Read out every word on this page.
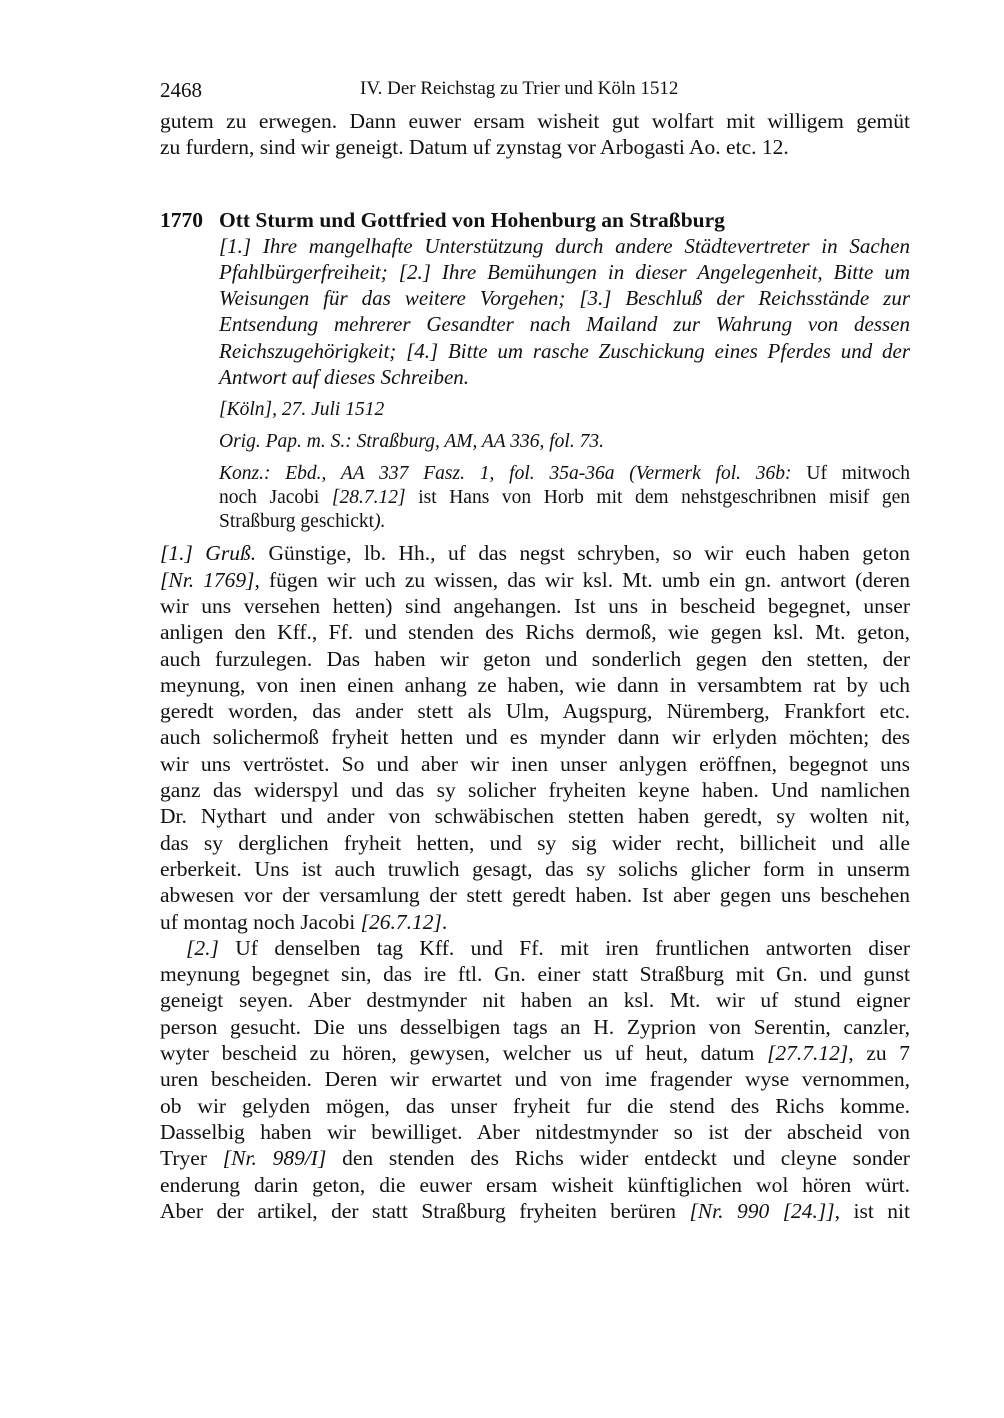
2468	IV. Der Reichstag zu Trier und Köln 1512
gutem zu erwegen. Dann euwer ersam wisheit gut wolfart mit willigem gemüt
zu furdern, sind wir geneigt. Datum uf zynstag vor Arbogasti Ao. etc. 12.
1770 Ott Sturm und Gottfried von Hohenburg an Straßburg
[1.] Ihre mangelhafte Unterstützung durch andere Städtevertreter in Sachen
Pfahlbürgerfreiheit; [2.] Ihre Bemühungen in dieser Angelegenheit, Bitte um
Weisungen für das weitere Vorgehen; [3.] Beschluß der Reichsstände zur
Entsendung mehrerer Gesandter nach Mailand zur Wahrung von dessen
Reichszugehörigkeit; [4.] Bitte um rasche Zuschickung eines Pferdes und der
Antwort auf dieses Schreiben.
[Köln], 27. Juli 1512
Orig. Pap. m. S.: Straßburg, AM, AA 336, fol. 73.
Konz.: Ebd., AA 337 Fasz. 1, fol. 35a-36a (Vermerk fol. 36b: Uf mitwoch
noch Jacobi [28.7.12] ist Hans von Horb mit dem nehstgeschribnen misif gen
Straßburg geschickt).
[1.] Gruß. Günstige, lb. Hh., uf das negst schryben, so wir euch haben geton
[Nr. 1769], fügen wir uch zu wissen, das wir ksl. Mt. umb ein gn. antwort (deren
wir uns versehen hetten) sind angehangen. Ist uns in bescheid begegnet, unser
anligen den Kff., Ff. und stenden des Richs dermoß, wie gegen ksl. Mt. geton,
auch furzulegen. Das haben wir geton und sonderlich gegen den stetten, der
meynung, von inen einen anhang ze haben, wie dann in versambtem rat by uch
geredt worden, das ander stett als Ulm, Augspurg, Nüremberg, Frankfort etc.
auch solichermoß fryheit hetten und es mynder dann wir erlyden möchten; des
wir uns vertröstet. So und aber wir inen unser anlygen eröffnen, begegnot uns
ganz das widerspyl und das sy solicher fryheiten keyne haben. Und namlichen
Dr. Nythart und ander von schwäbischen stetten haben geredt, sy wolten nit,
das sy derglichen fryheit hetten, und sy sig wider recht, billicheit und alle
erberkeit. Uns ist auch truwlich gesagt, das sy solichs glicher form in unserm
abwesen vor der versamlung der stett geredt haben. Ist aber gegen uns beschehen
uf montag noch Jacobi [26.7.12].
[2.] Uf denselben tag Kff. und Ff. mit iren fruntlichen antworten diser
meynung begegnet sin, das ire ftl. Gn. einer statt Straßburg mit Gn. und gunst
geneigt seyen. Aber destmynder nit haben an ksl. Mt. wir uf stund eigner
person gesucht. Die uns desselbigen tags an H. Zyprion von Serentin, canzler,
wyter bescheid zu hören, gewysen, welcher us uf heut, datum [27.7.12], zu 7
uren bescheiden. Deren wir erwartet und von ime fragender wyse vernommen,
ob wir gelyden mögen, das unser fryheit fur die stend des Richs komme.
Dasselbig haben wir bewilliget. Aber nitdestmynder so ist der abscheid von
Tryer [Nr. 989/I] den stenden des Richs wider entdeckt und cleyne sonder
enderung darin geton, die euwer ersam wisheit künftiglichen wol hören würt.
Aber der artikel, der statt Straßburg fryheiten berüren [Nr. 990 [24.]], ist nit
